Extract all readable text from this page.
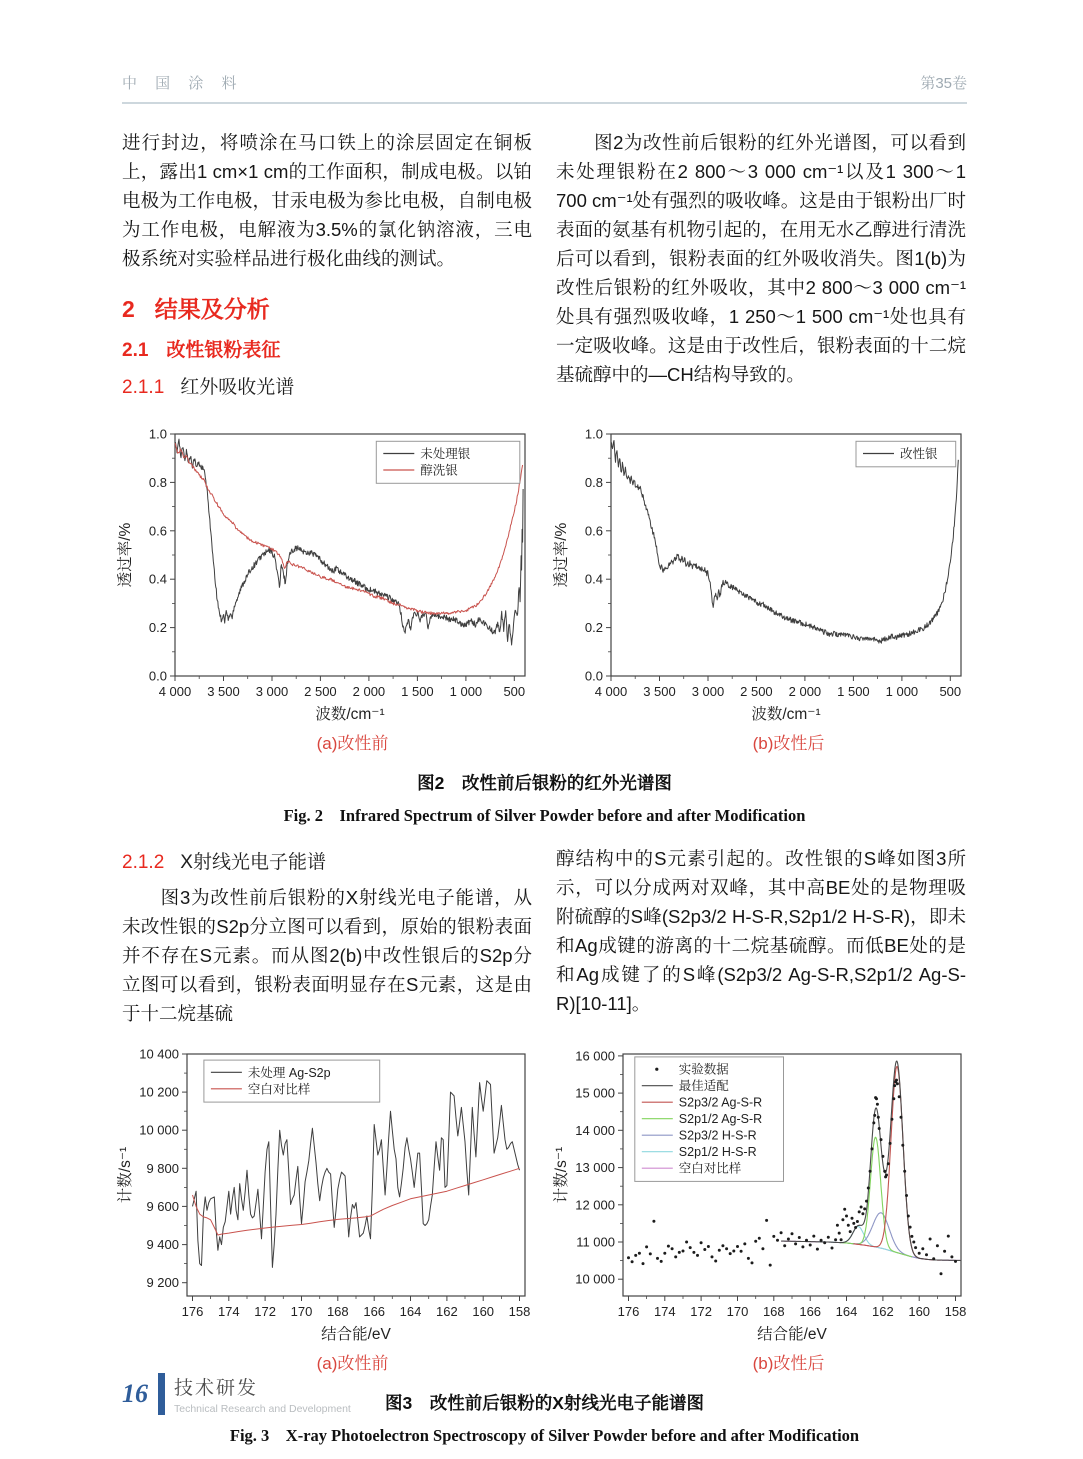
中 国 涂 料	第35卷
进行封边，将喷涂在马口铁上的涂层固定在铜板上，露出1 cm×1 cm的工作面积，制成电极。以铂电极为工作电极，甘汞电极为参比电极，自制电极为工作电极，电解液为3.5%的氯化钠溶液，三电极系统对实验样品进行极化曲线的测试。
2 结果及分析
2.1 改性银粉表征
2.1.1 红外吸收光谱
　　图2为改性前后银粉的红外光谱图，可以看到未处理银粉在2 800～3 000 cm⁻¹以及1 300～1 700 cm⁻¹处有强烈的吸收峰。这是由于银粉出厂时表面的氨基有机物引起的，在用无水乙醇进行清洗后可以看到，银粉表面的红外吸收消失。图1(b)为改性后银粉的红外吸收，其中2 800～3 000 cm⁻¹处具有强烈吸收峰，1 250～1 500 cm⁻¹处也具有一定吸收峰。这是由于改性后，银粉表面的十二烷基硫醇中的—CH结构导致的。
4 000 3 500 3 000 2 500 2 000 1 500 1 000 500
0.0
0.2
0.4
0.6
0.8
1.0
波数/cm⁻¹
透过率/%
未处理银
醇洗银
(a)改性前
4 000 3 500 3 000 2 500 2 000 1 500 1 000 500
0.0
0.2
0.4
0.6
0.8
1.0
波数/cm⁻¹
透过率/%
改性银
(b)改性后
图2　改性前后银粉的红外光谱图
Fig. 2　Infrared Spectrum of Silver Powder before and after Modification
2.1.2 X射线光电子能谱
　　图3为改性前后银粉的X射线光电子能谱，从未改性银的S2p分立图可以看到，原始的银粉表面并不存在S元素。而从图2(b)中改性银后的S2p分立图可以看到，银粉表面明显存在S元素，这是由于十二烷基硫
醇结构中的S元素引起的。改性银的S峰如图3所示，可以分成两对双峰，其中高BE处的是物理吸附硫醇的S峰(S2p3/2 H-S-R,S2p1/2 H-S-R)，即未和Ag成键的游离的十二烷基硫醇。而低BE处的是和Ag成键了的S峰(S2p3/2 Ag-S-R,S2p1/2 Ag-S-R)[10-11]。
176 174 172 170 168 166 164 162 160 158
9 200
9 400
9 600
9 800
10 000
10 200
10 400
结合能/eV
计数/s⁻¹
未处理 Ag-S2p
空白对比样
(a)改性前
176 174 172 170 168 166 164 162 160 158
10 000
11 000
12 000
13 000
14 000
15 000
16 000
结合能/eV
计数/s⁻¹
实验数据
最佳适配
S2p3/2 Ag-S-R
S2p1/2 Ag-S-R
S2p3/2 H-S-R
S2p1/2 H-S-R
空白对比样
(b)改性后
图3　改性前后银粉的X射线光电子能谱图
Fig. 3　X-ray Photoelectron Spectroscopy of Silver Powder before and after Modification
16 技术研发
Technical Research and Development
